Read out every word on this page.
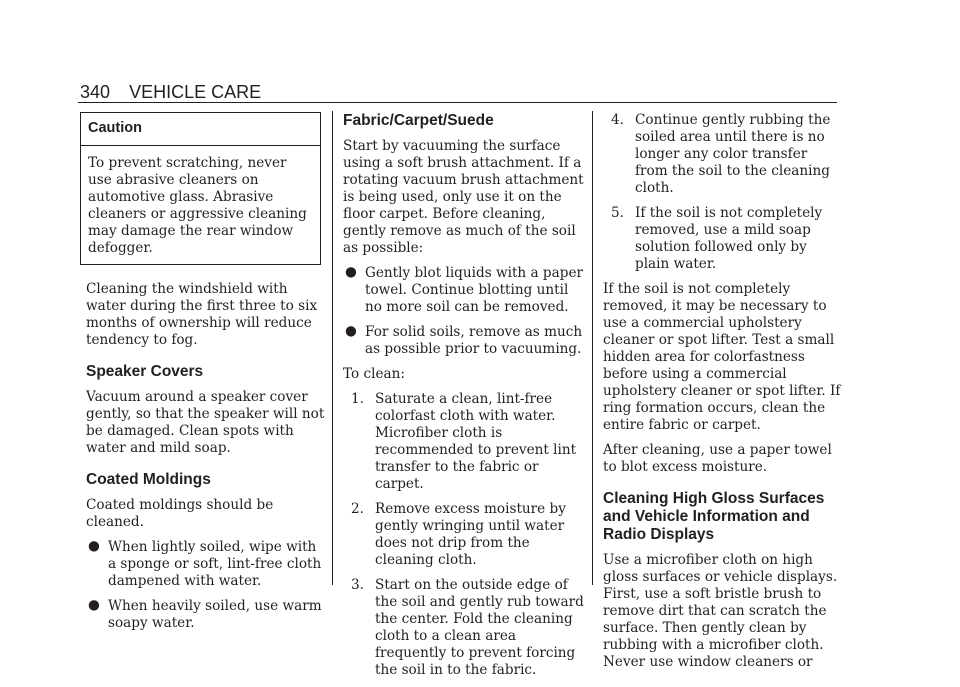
340 VEHICLE CARE
Caution

To prevent scratching, never use abrasive cleaners on automotive glass. Abrasive cleaners or aggressive cleaning may damage the rear window defogger.

Cleaning the windshield with water during the first three to six months of ownership will reduce tendency to fog.

Speaker Covers

Vacuum around a speaker cover gently, so that the speaker will not be damaged. Clean spots with water and mild soap.

Coated Moldings

Coated moldings should be cleaned.

● When lightly soiled, wipe with a sponge or soft, lint-free cloth dampened with water.
● When heavily soiled, use warm soapy water.
Fabric/Carpet/Suede

Start by vacuuming the surface using a soft brush attachment. If a rotating vacuum brush attachment is being used, only use it on the floor carpet. Before cleaning, gently remove as much of the soil as possible:

● Gently blot liquids with a paper towel. Continue blotting until no more soil can be removed.
● For solid soils, remove as much as possible prior to vacuuming.

To clean:

1. Saturate a clean, lint-free colorfast cloth with water. Microfiber cloth is recommended to prevent lint transfer to the fabric or carpet.
2. Remove excess moisture by gently wringing until water does not drip from the cleaning cloth.
3. Start on the outside edge of the soil and gently rub toward the center. Fold the cleaning cloth to a clean area frequently to prevent forcing the soil in to the fabric.
4. Continue gently rubbing the soiled area until there is no longer any color transfer from the soil to the cleaning cloth.
5. If the soil is not completely removed, use a mild soap solution followed only by plain water.

If the soil is not completely removed, it may be necessary to use a commercial upholstery cleaner or spot lifter. Test a small hidden area for colorfastness before using a commercial upholstery cleaner or spot lifter. If ring formation occurs, clean the entire fabric or carpet.

After cleaning, use a paper towel to blot excess moisture.

Cleaning High Gloss Surfaces and Vehicle Information and Radio Displays

Use a microfiber cloth on high gloss surfaces or vehicle displays. First, use a soft bristle brush to remove dirt that can scratch the surface. Then gently clean by rubbing with a microfiber cloth. Never use window cleaners or
